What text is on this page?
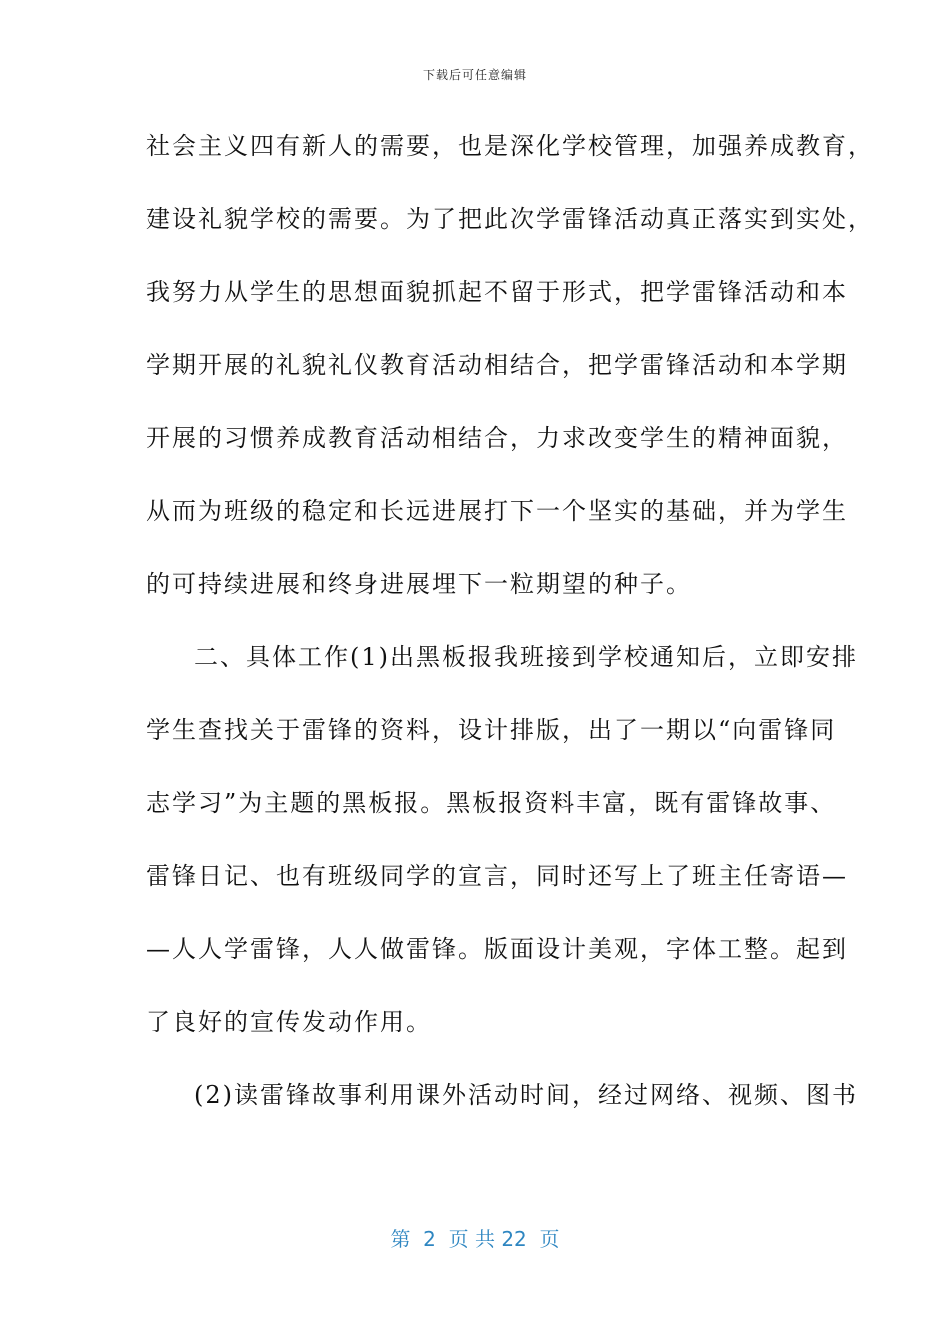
下载后可任意编辑
社会主义四有新人的需要，也是深化学校管理，加强养成教育，
建设礼貌学校的需要。为了把此次学雷锋活动真正落实到实处，
我努力从学生的思想面貌抓起不留于形式，把学雷锋活动和本
学期开展的礼貌礼仪教育活动相结合，把学雷锋活动和本学期
开展的习惯养成教育活动相结合，力求改变学生的精神面貌，
从而为班级的稳定和长远进展打下一个坚实的基础，并为学生
的可持续进展和终身进展埋下一粒期望的种子。
二、具体工作(1)出黑板报我班接到学校通知后，立即安排
学生查找关于雷锋的资料，设计排版，出了一期以“向雷锋同
志学习”为主题的黑板报。黑板报资料丰富，既有雷锋故事、
雷锋日记、也有班级同学的宣言，同时还写上了班主任寄语—
—人人学雷锋，人人做雷锋。版面设计美观，字体工整。起到
了良好的宣传发动作用。
(2)读雷锋故事利用课外活动时间，经过网络、视频、图书
第  2  页 共 22  页
